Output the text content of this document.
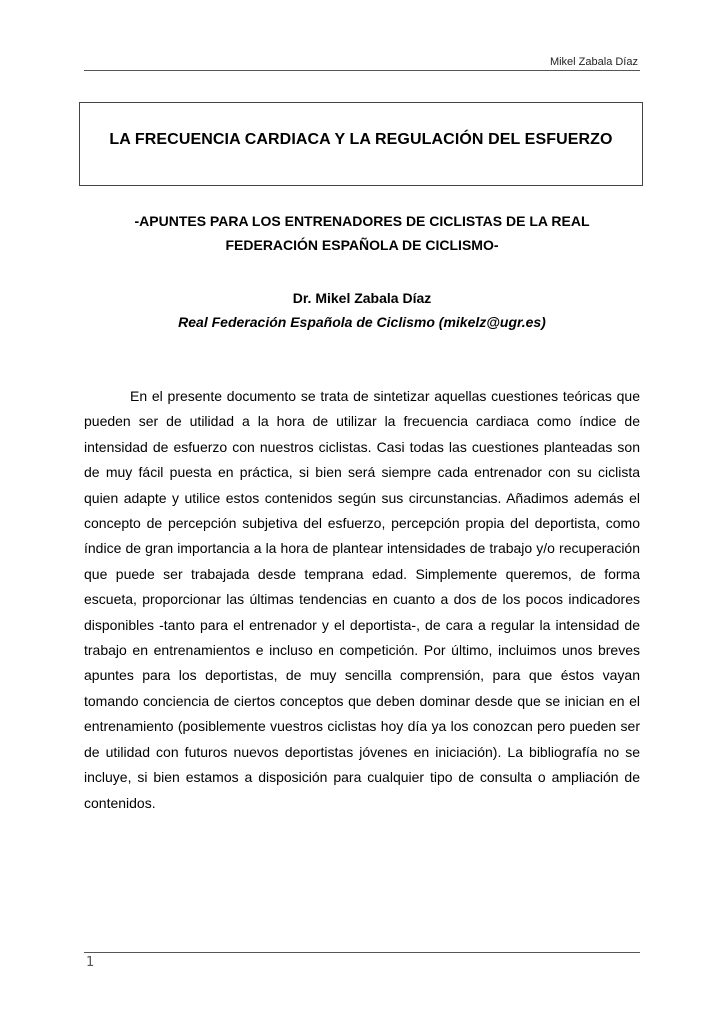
Mikel Zabala Díaz
LA FRECUENCIA CARDIACA Y LA REGULACIÓN DEL ESFUERZO
-APUNTES PARA LOS ENTRENADORES DE CICLISTAS DE LA REAL
FEDERACIÓN ESPAÑOLA DE CICLISMO-
Dr. Mikel Zabala Díaz
Real Federación Española de Ciclismo (mikelz@ugr.es)

En el presente documento se trata de sintetizar aquellas cuestiones teóricas que pueden ser de utilidad a la hora de utilizar la frecuencia cardiaca como índice de intensidad de esfuerzo con nuestros ciclistas. Casi todas las cuestiones planteadas son de muy fácil puesta en práctica, si bien será siempre cada entrenador con su ciclista quien adapte y utilice estos contenidos según sus circunstancias. Añadimos además el concepto de percepción subjetiva del esfuerzo, percepción propia del deportista, como índice de gran importancia a la hora de plantear intensidades de trabajo y/o recuperación que puede ser trabajada desde temprana edad. Simplemente queremos, de forma escueta, proporcionar las últimas tendencias en cuanto a dos de los pocos indicadores disponibles -tanto para el entrenador y el deportista-, de cara a regular la intensidad de trabajo en entrenamientos e incluso en competición. Por último, incluimos unos breves apuntes para los deportistas, de muy sencilla comprensión, para que éstos vayan tomando conciencia de ciertos conceptos que deben dominar desde que se inician en el entrenamiento (posiblemente vuestros ciclistas hoy día ya los conozcan pero pueden ser de utilidad con futuros nuevos deportistas jóvenes en iniciación). La bibliografía no se incluye, si bien estamos a disposición para cualquier tipo de consulta o ampliación de contenidos.

1
